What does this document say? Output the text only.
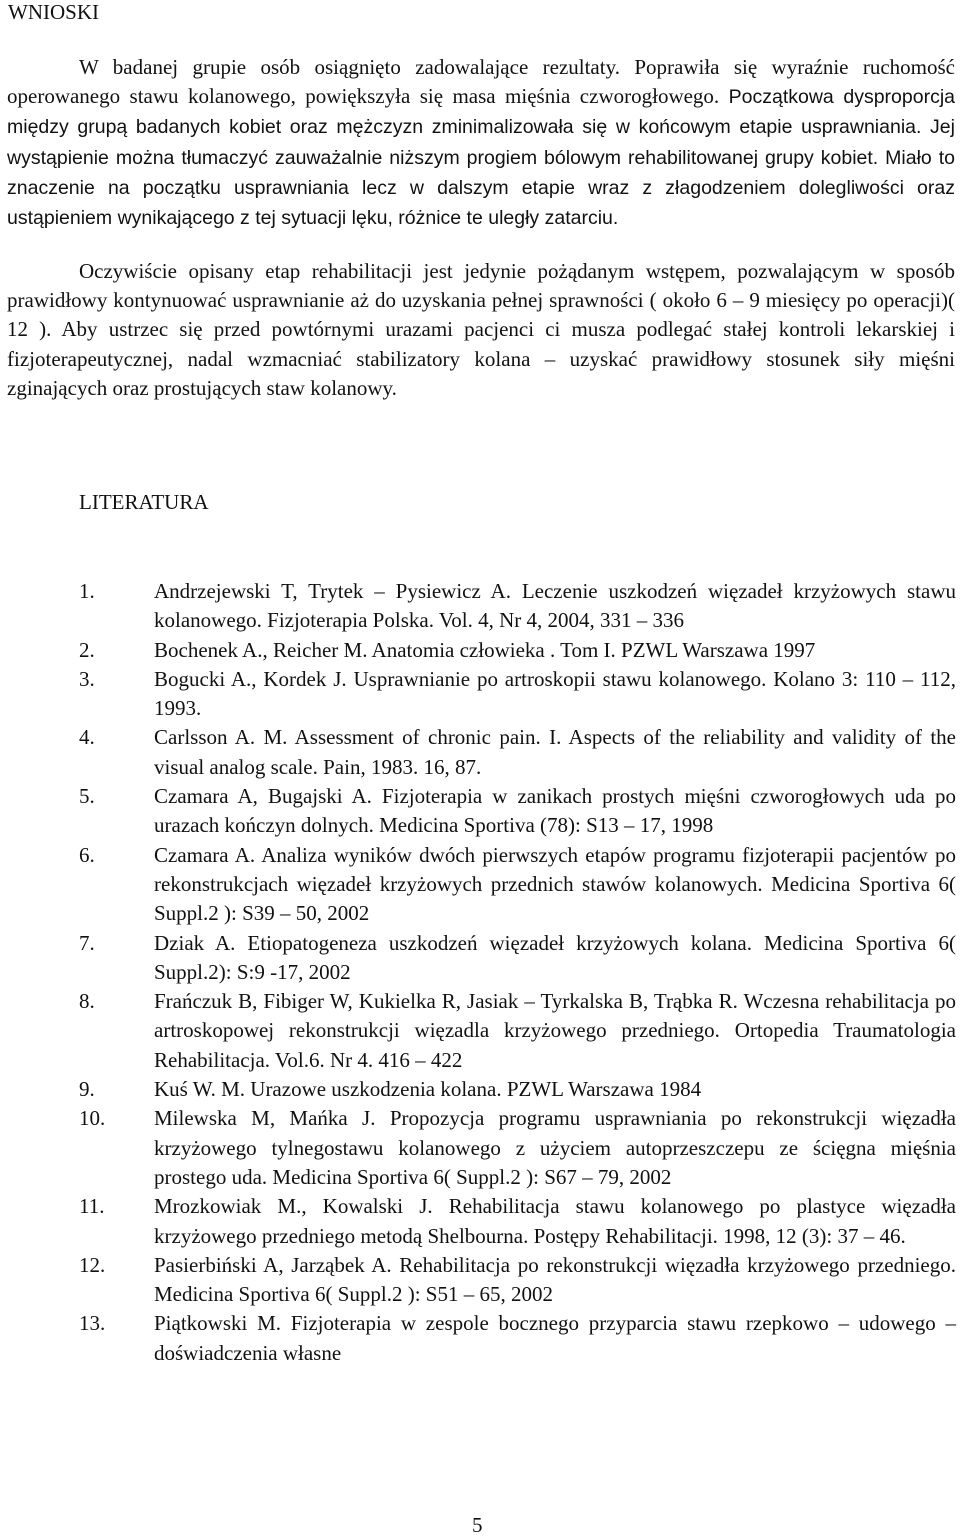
WNIOSKI

W badanej grupie osób osiągnięto zadowalające rezultaty. Poprawiła się wyraźnie ruchomość operowanego stawu kolanowego, powiększyła się masa mięśnia czworogłowego. Początkowa dysproporcja między grupą badanych kobiet oraz mężczyzn zminimalizowała się w końcowym etapie usprawniania. Jej wystąpienie można tłumaczyć zauważalnie niższym progiem bólowym rehabilitowanej grupy kobiet. Miało to znaczenie na początku usprawniania lecz w dalszym etapie wraz z złagodzeniem dolegliwości oraz ustąpieniem wynikającego z tej sytuacji lęku, różnice te uległy zatarciu.

Oczywiście opisany etap rehabilitacji jest jedynie pożądanym wstępem, pozwalającym w sposób prawidłowy kontynuować usprawnianie aż do uzyskania pełnej sprawności ( około 6 – 9 miesięcy po operacji)( 12 ). Aby ustrzec się przed powtórnymi urazami pacjenci ci musza podlegać stałej kontroli lekarskiej i fizjoterapeutycznej, nadal wzmacniać stabilizatory kolana – uzyskać prawidłowy stosunek siły mięśni zginających oraz prostujących staw kolanowy.

LITERATURA
1.	Andrzejewski T, Trytek – Pysiewicz A. Leczenie uszkodzeń więzadeł krzyżowych stawu kolanowego. Fizjoterapia Polska. Vol. 4, Nr 4, 2004, 331 – 336
2.	Bochenek A., Reicher M. Anatomia człowieka . Tom I. PZWL Warszawa 1997
3.	Bogucki A., Kordek J. Usprawnianie po artroskopii stawu kolanowego. Kolano 3: 110 – 112, 1993.
4.	Carlsson A. M. Assessment of chronic pain. I. Aspects of the reliability and validity of the visual analog scale. Pain, 1983. 16, 87.
5.	Czamara A, Bugajski A. Fizjoterapia w zanikach prostych mięśni czworogłowych uda po urazach kończyn dolnych. Medicina Sportiva (78): S13 – 17, 1998
6.	Czamara A. Analiza wyników dwóch pierwszych etapów programu fizjoterapii pacjentów po rekonstrukcjach więzadeł krzyżowych przednich stawów kolanowych. Medicina Sportiva 6( Suppl.2 ): S39 – 50, 2002
7.	Dziak A. Etiopatogeneza uszkodzeń więzadeł krzyżowych kolana. Medicina Sportiva 6( Suppl.2): S:9 -17, 2002
8.	Frańczuk B, Fibiger W, Kukielka R, Jasiak – Tyrkalska B, Trąbka R. Wczesna rehabilitacja po artroskopowej rekonstrukcji więzadla krzyżowego przedniego. Ortopedia Traumatologia Rehabilitacja. Vol.6. Nr 4. 416 – 422
9.	Kuś W. M. Urazowe uszkodzenia kolana. PZWL Warszawa 1984
10. Milewska M, Mańka J. Propozycja programu usprawniania po rekonstrukcji więzadła krzyżowego tylnegostawu kolanowego z użyciem autoprzeszczepu ze ścięgna mięśnia prostego uda. Medicina Sportiva 6( Suppl.2 ): S67 – 79, 2002
11. Mrozkowiak M., Kowalski J. Rehabilitacja stawu kolanowego po plastyce więzadła krzyżowego przedniego metodą Shelbourna. Postępy Rehabilitacji. 1998, 12 (3): 37 – 46.
12. Pasierbiński A, Jarząbek A. Rehabilitacja po rekonstrukcji więzadła krzyżowego przedniego. Medicina Sportiva 6( Suppl.2 ): S51 – 65, 2002
13. Piątkowski M. Fizjoterapia w zespole bocznego przyparcia stawu rzepkowo – udowego – doświadczenia własne
5
